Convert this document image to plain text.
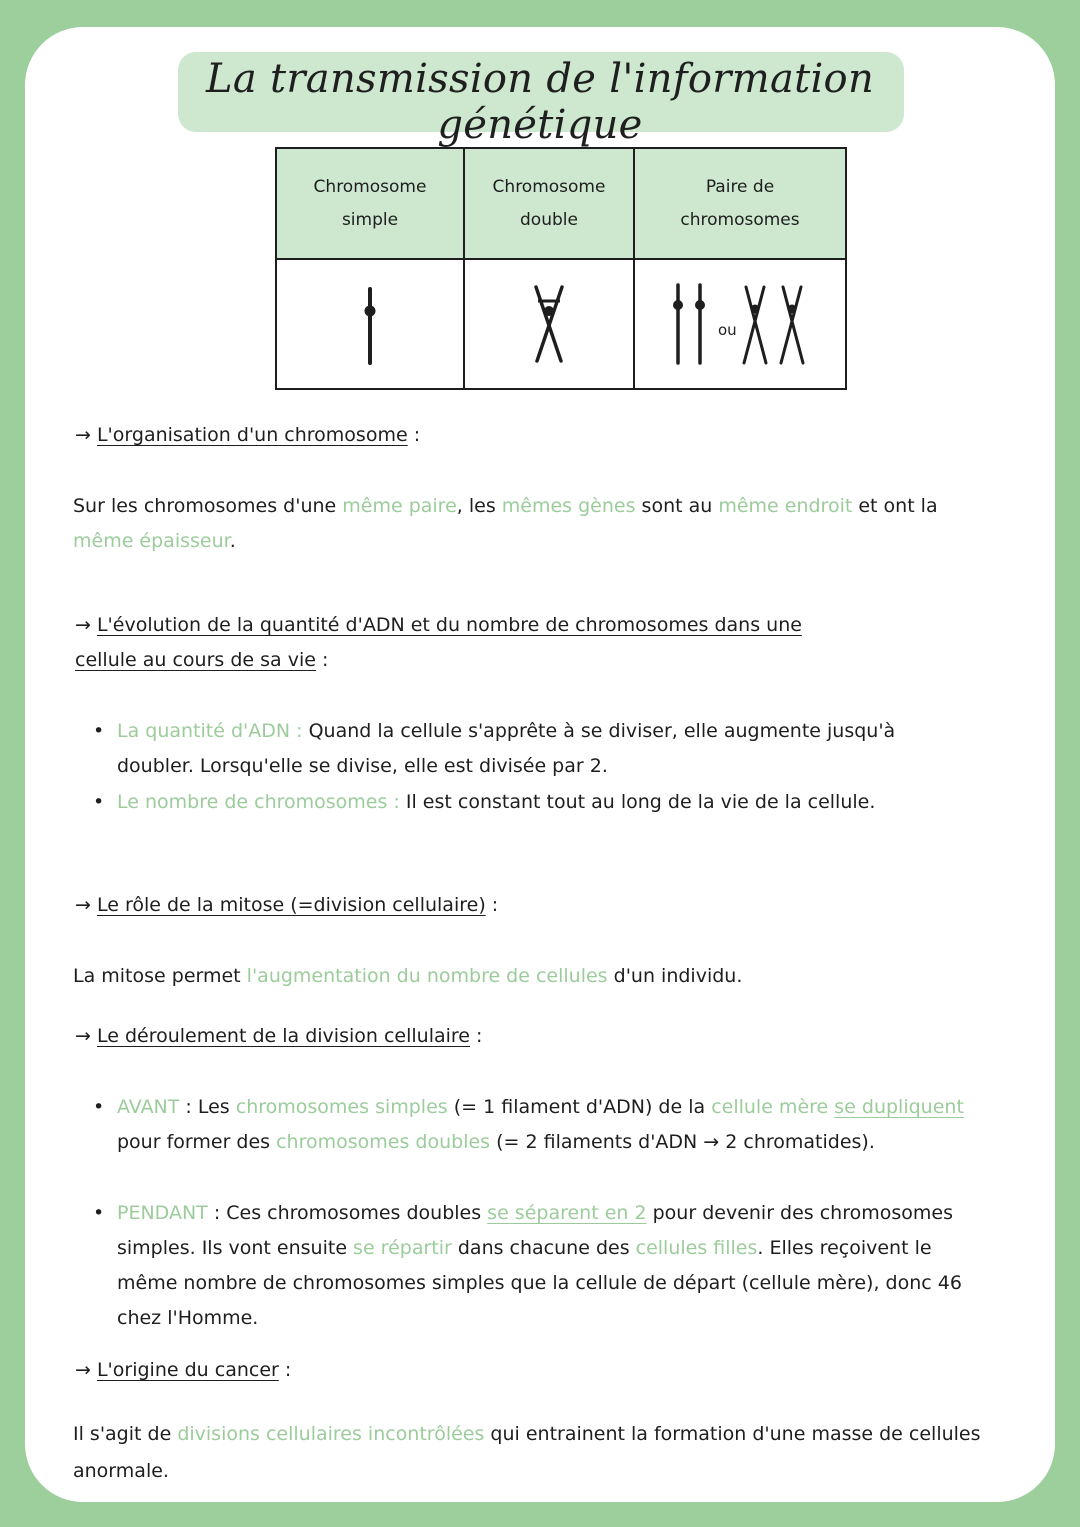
La transmission de l'information génétique
Chromosome
simple	Chromosome
double	Paire de
chromosomes

ou
→ L'organisation d'un chromosome :
Sur les chromosomes d'une même paire, les mêmes gènes sont au même endroit et ont la même épaisseur.
→ L'évolution de la quantité d'ADN et du nombre de chromosomes dans une
cellule au cours de sa vie :
• La quantité d'ADN : Quand la cellule s'apprête à se diviser, elle augmente jusqu'à doubler. Lorsqu'elle se divise, elle est divisée par 2.
• Le nombre de chromosomes : Il est constant tout au long de la vie de la cellule.
→ Le rôle de la mitose (=division cellulaire) :
La mitose permet l'augmentation du nombre de cellules d'un individu.
→ Le déroulement de la division cellulaire :
• AVANT : Les chromosomes simples (= 1 filament d'ADN) de la cellule mère se dupliquent pour former des chromosomes doubles (= 2 filaments d'ADN → 2 chromatides).
• PENDANT : Ces chromosomes doubles se séparent en 2 pour devenir des chromosomes simples. Ils vont ensuite se répartir dans chacune des cellules filles. Elles reçoivent le même nombre de chromosomes simples que la cellule de départ (cellule mère), donc 46 chez l'Homme.
→ L'origine du cancer :
Il s'agit de divisions cellulaires incontrôlées qui entrainent la formation d'une masse de cellules anormale.
